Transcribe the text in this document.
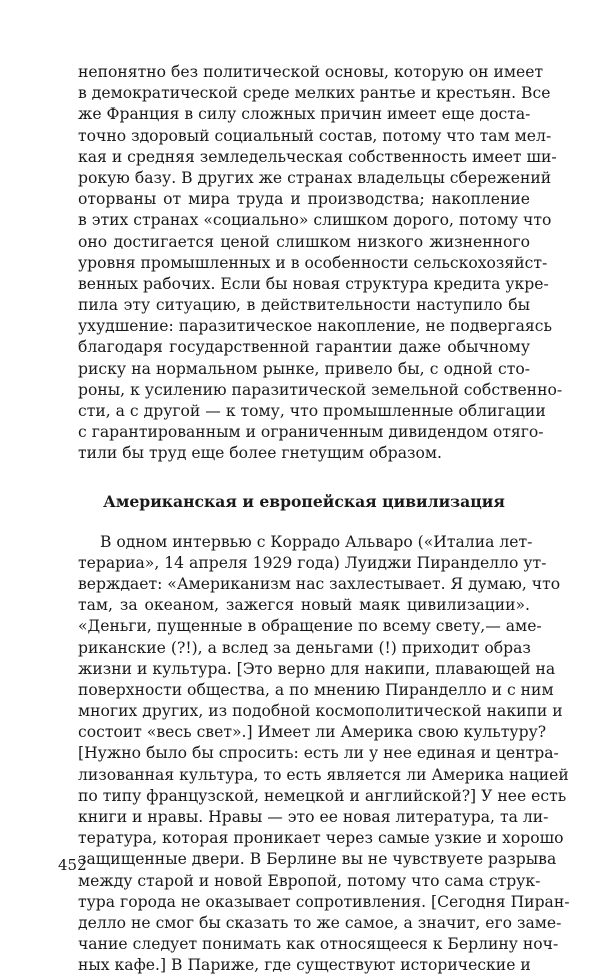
непонятно без политической основы, которую он имеет
в демократической среде мелких рантье и крестьян. Все
же Франция в силу сложных причин имеет еще доста-
точно здоровый социальный состав, потому что там мел-
кая и средняя земледельческая собственность имеет ши-
рокую базу. В других же странах владельцы сбережений
оторваны от мира труда и производства; накопление
в этих странах «социально» слишком дорого, потому что
оно достигается ценой слишком низкого жизненного
уровня промышленных и в особенности сельскохозяйст-
венных рабочих. Если бы новая структура кредита укре-
пила эту ситуацию, в действительности наступило бы
ухудшение: паразитическое накопление, не подвергаясь
благодаря государственной гарантии даже обычному
риску на нормальном рынке, привело бы, с одной сто-
роны, к усилению паразитической земельной собственно-
сти, а с другой — к тому, что промышленные облигации
с гарантированным и ограниченным дивидендом отяго-
тили бы труд еще более гнетущим образом.
Американская и европейская цивилизация
В одном интервью с Коррадо Альваро («Италиа лет-
терариа», 14 апреля 1929 года) Луиджи Пиранделло ут-
верждает: «Американизм нас захлестывает. Я думаю, что
там, за океаном, зажегся новый маяк цивилизации».
«Деньги, пущенные в обращение по всему свету,— аме-
риканские (?!), а вслед за деньгами (!) приходит образ
жизни и культура. [Это верно для накипи, плавающей на
поверхности общества, а по мнению Пиранделло и с ним
многих других, из подобной космополитической накипи и
состоит «весь свет».] Имеет ли Америка свою культуру?
[Нужно было бы спросить: есть ли у нее единая и центра-
лизованная культура, то есть является ли Америка нацией
по типу французской, немецкой и английской?] У нее есть
книги и нравы. Нравы — это ее новая литература, та ли-
тература, которая проникает через самые узкие и хорошо
защищенные двери. В Берлине вы не чувствуете разрыва
между старой и новой Европой, потому что сама струк-
тура города не оказывает сопротивления. [Сегодня Пиран-
делло не смог бы сказать то же самое, а значит, его заме-
чание следует понимать как относящееся к Берлину ноч-
ных кафе.] В Париже, где существуют исторические и
452
